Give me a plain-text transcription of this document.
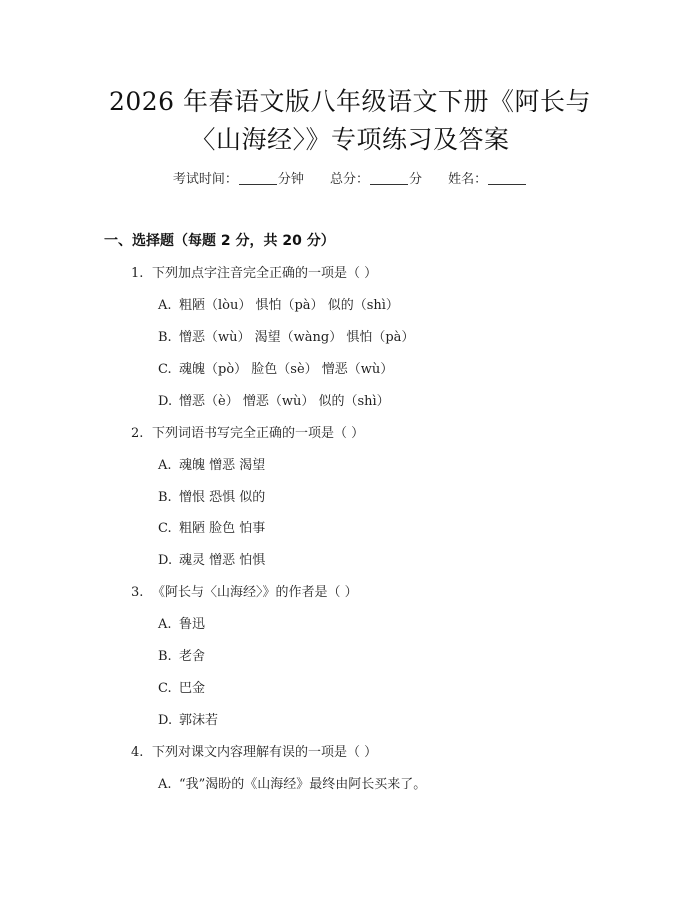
2026 年春语文版八年级语文下册《阿长与
〈山海经〉》专项练习及答案
考试时间：	分钟 总分：	分 姓名：
一、选择题（每题 2 分，共 20 分）
1. 下列加点字注音完全正确的一项是（ ）
A. 粗陋（lòu） 惧怕（pà） 似的（shì）
B. 憎恶（wù） 渴望（wàng） 惧怕（pà）
C. 魂魄（pò） 脸色（sè） 憎恶（wù）
D. 憎恶（è） 憎恶（wù） 似的（shì）
2. 下列词语书写完全正确的一项是（ ）
A. 魂魄 憎恶 渴望
B. 憎恨 恐惧 似的
C. 粗陋 脸色 怕事
D. 魂灵 憎恶 怕惧
3. 《阿长与〈山海经〉》的作者是（ ）
A. 鲁迅
B. 老舍
C. 巴金
D. 郭沫若
4. 下列对课文内容理解有误的一项是（ ）
A. “我”渴盼的《山海经》最终由阿长买来了。
